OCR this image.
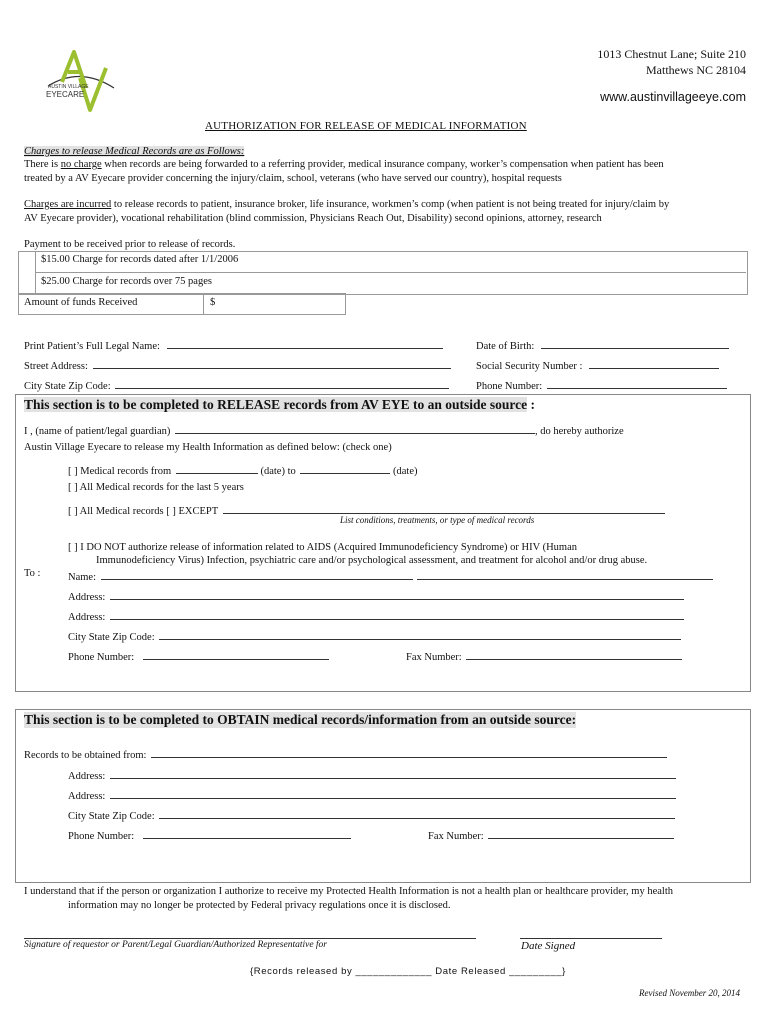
AUSTIN VILLAGE
EYECARE
1013 Chestnut Lane; Suite 210
Matthews NC 28104
www.austinvillageeye.com
AUTHORIZATION FOR RELEASE OF MEDICAL INFORMATION
Charges to release Medical Records are as Follows:
There is no charge when records are being forwarded to a referring provider, medical insurance company, worker’s compensation when patient has been
treated by a AV Eyecare provider concerning the injury/claim, school, veterans (who have served our country), hospital requests
Charges are incurred to release records to patient, insurance broker, life insurance, workmen’s comp (when patient is not being treated for injury/claim by
AV Eyecare provider), vocational rehabilitation (blind commission, Physicians Reach Out, Disability) second opinions, attorney, research
Payment to be received prior to release of records.
$15.00 Charge for records dated after 1/1/2006
$25.00 Charge for records over 75 pages
Amount of funds Received	$
Print Patient’s Full Legal Name:	Date of Birth:
Street Address:	Social Security Number :
City State Zip Code:	Phone Number:
This section is to be completed to RELEASE records from AV EYE to an outside source :
I , (name of patient/legal guardian)	, do hereby authorize
Austin Village Eyecare to release my Health Information as defined below: (check one)
[ ] Medical records from	(date) to	(date)
[ ] All Medical records for the last 5 years
[ ] All Medical records [ ] EXCEPT
List conditions, treatments, or type of medical records
[ ] I DO NOT authorize release of information related to AIDS (Acquired Immunodeficiency Syndrome) or HIV (Human
Immunodeficiency Virus) Infection, psychiatric care and/or psychological assessment, and treatment for alcohol and/or drug abuse.
To :	Name:
Address:
Address:
City State Zip Code:
Phone Number:	Fax Number:
This section is to be completed to OBTAIN medical records/information from an outside source:
Records to be obtained from:
Address:
Address:
City State Zip Code:
Phone Number:	Fax Number:
I understand that if the person or organization I authorize to receive my Protected Health Information is not a health plan or healthcare provider, my health
information may no longer be protected by Federal privacy regulations once it is disclosed.
Signature of requestor or Parent/Legal Guardian/Authorized Representative for	Date Signed
{Records released by _____________ Date Released _________}
Revised November 20, 2014
